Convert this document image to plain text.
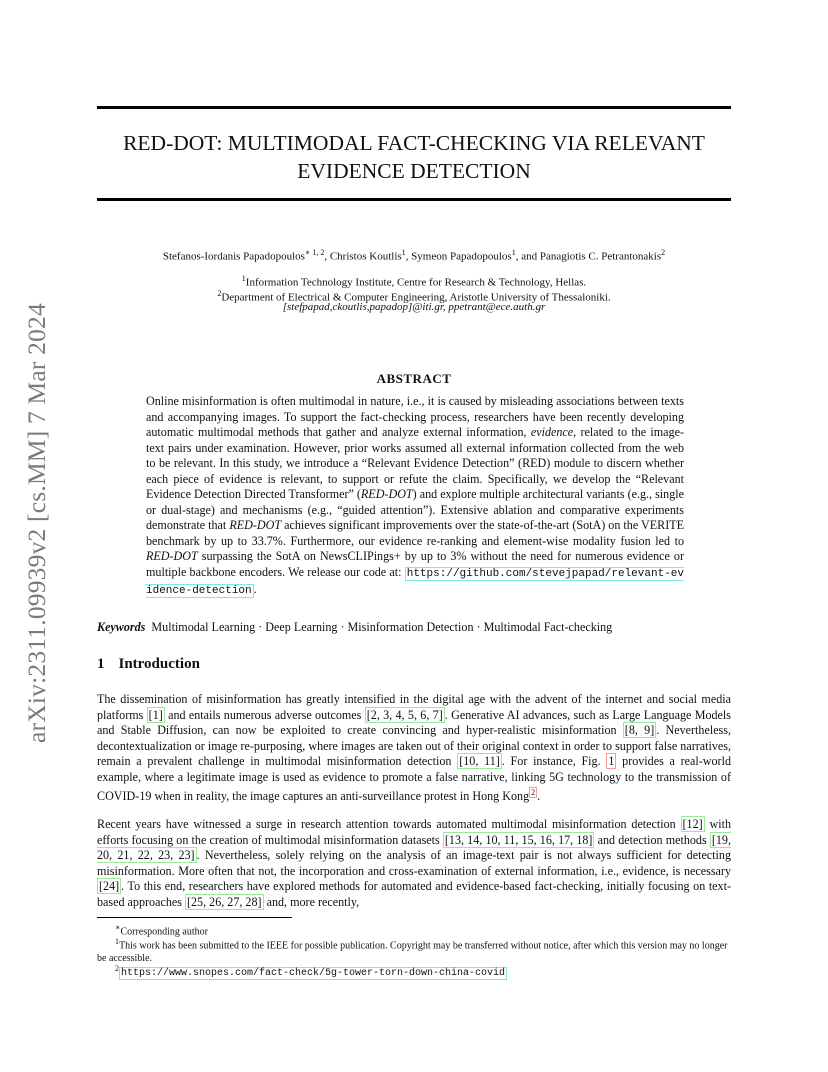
arXiv:2311.09939v2 [cs.MM] 7 Mar 2024
RED-DOT: MULTIMODAL FACT-CHECKING VIA RELEVANT
EVIDENCE DETECTION
Stefanos-Iordanis Papadopoulos$^{∗ 1, 2}$, Christos Koutlis$^1$, Symeon Papadopoulos$^1$, and Panagiotis C. Petrantonakis$^2$
$^1$Information Technology Institute, Centre for Research & Technology, Hellas.
$^2$Department of Electrical & Computer Engineering, Aristotle University of Thessaloniki.
[stefpapad,ckoutlis,papadop]@iti.gr, ppetrant@ece.auth.gr
ABSTRACT

Online misinformation is often multimodal in nature, i.e., it is caused by misleading associations between texts and accompanying images. To support the fact-checking process, researchers have been recently developing automatic multimodal methods that gather and analyze external information, evidence, related to the image-text pairs under examination. However, prior works assumed all external information collected from the web to be relevant. In this study, we introduce a “Relevant Evidence Detection” (RED) module to discern whether each piece of evidence is relevant, to support or refute the claim. Specifically, we develop the “Relevant Evidence Detection Directed Transformer” (RED-DOT) and explore multiple architectural variants (e.g., single or dual-stage) and mechanisms (e.g., “guided attention”). Extensive ablation and comparative experiments demonstrate that RED-DOT achieves significant improvements over the state-of-the-art (SotA) on the VERITE benchmark by up to 33.7%. Furthermore, our evidence re-ranking and element-wise modality fusion led to RED-DOT surpassing the SotA on NewsCLIPings+ by up to 3% without the need for numerous evidence or multiple backbone encoders. We release our code at: https://github.com/stevejpapad/relevant-evidence-detection .

Keywords Multimodal Learning · Deep Learning · Misinformation Detection · Multimodal Fact-checking
1 Introduction

The dissemination of misinformation has greatly intensified in the digital age with the advent of the internet and social media platforms [1] and entails numerous adverse outcomes [2, 3, 4, 5, 6, 7] . Generative AI advances, such as Large Language Models and Stable Diffusion, can now be exploited to create convincing and hyper-realistic misinformation [8, 9] . Nevertheless, decontextualization or image re-purposing, where images are taken out of their original context in order to support false narratives, remain a prevalent challenge in multimodal misinformation detection [10, 11] . For instance, Fig. 1 provides a real-world example, where a legitimate image is used as evidence to promote a false narrative, linking 5G technology to the transmission of COVID-19 when in reality, the image captures an anti-surveillance protest in Hong Kong $^2$ .

Recent years have witnessed a surge in research attention towards automated multimodal misinformation detection [12] with efforts focusing on the creation of multimodal misinformation datasets [13, 14, 10, 11, 15, 16, 17, 18] and detection methods [19, 20, 21, 22, 23, 23] . Nevertheless, solely relying on the analysis of an image-text pair is not always sufficient for detecting misinformation. More often that not, the incorporation and cross-examination of external information, i.e., evidence, is necessary [24] . To this end, researchers have explored methods for automated and evidence-based fact-checking, initially focusing on text-based approaches [25, 26, 27, 28] and, more recently,

∗Corresponding author
$^1$This work has been submitted to the IEEE for possible publication. Copyright may be transferred without notice, after which this version may no longer be accessible.
$^2$ https://www.snopes.com/fact-check/5g-tower-torn-down-china-covid
